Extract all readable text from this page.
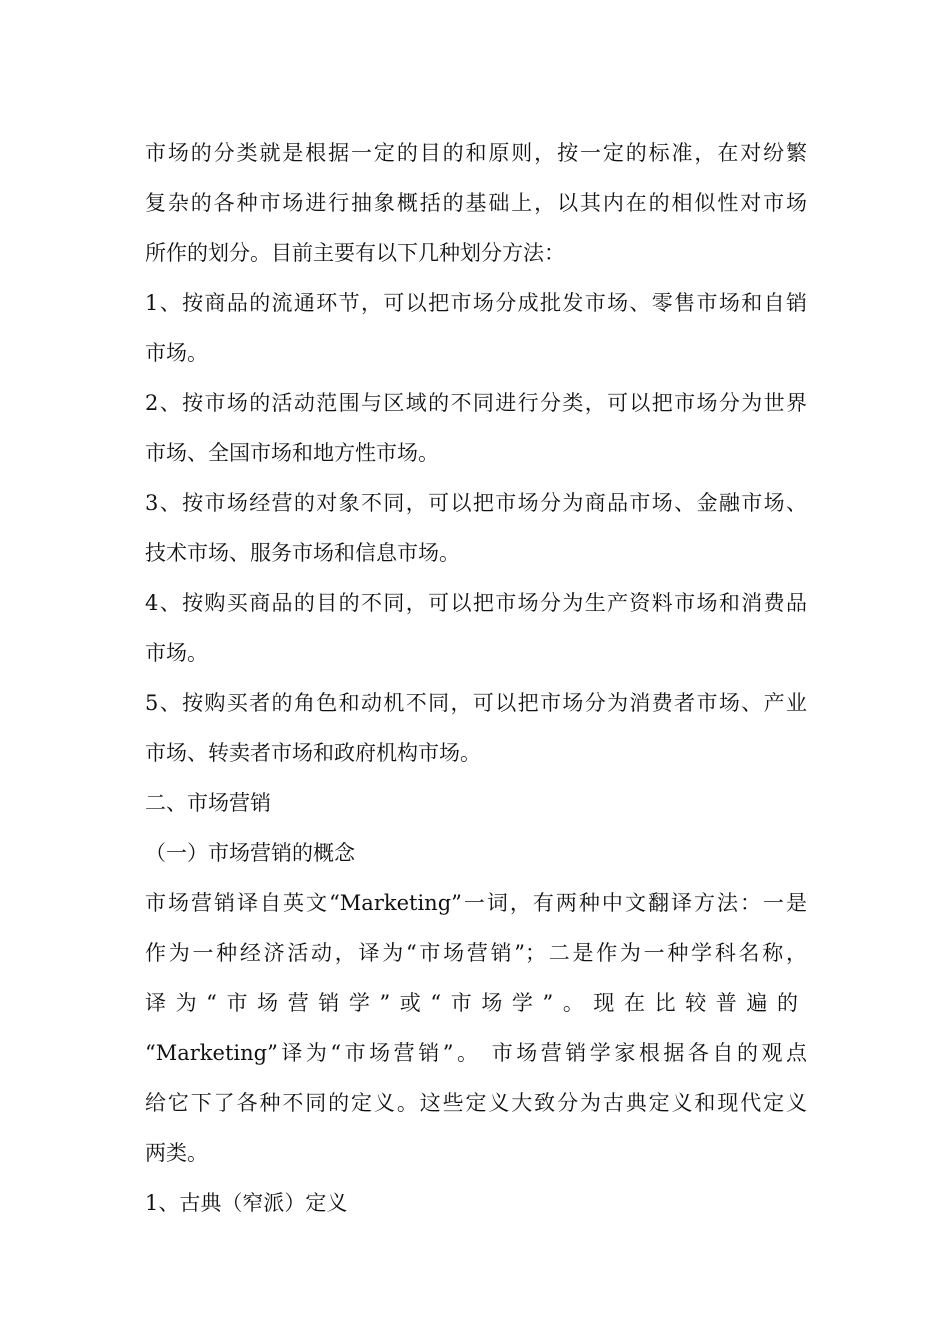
市场的分类就是根据一定的目的和原则，按一定的标准，在对纷繁
复杂的各种市场进行抽象概括的基础上，以其内在的相似性对市场
所作的划分。目前主要有以下几种划分方法：
1、按商品的流通环节，可以把市场分成批发市场、零售市场和自销
市场。
2、按市场的活动范围与区域的不同进行分类，可以把市场分为世界
市场、全国市场和地方性市场。
3、按市场经营的对象不同，可以把市场分为商品市场、金融市场、
技术市场、服务市场和信息市场。
4、按购买商品的目的不同，可以把市场分为生产资料市场和消费品
市场。
5、按购买者的角色和动机不同，可以把市场分为消费者市场、产业
市场、转卖者市场和政府机构市场。
二、市场营销
（一）市场营销的概念
市场营销译自英文“Marketing”一词，有两种中文翻译方法：一是
作为一种经济活动，译为“市场营销”；二是作为一种学科名称，
译为“市场营销学”或“市场学”。现在比较普遍的
“Marketing”译为“市场营销”。 市场营销学家根据各自的观点
给它下了各种不同的定义。这些定义大致分为古典定义和现代定义
两类。
1、古典（窄派）定义
